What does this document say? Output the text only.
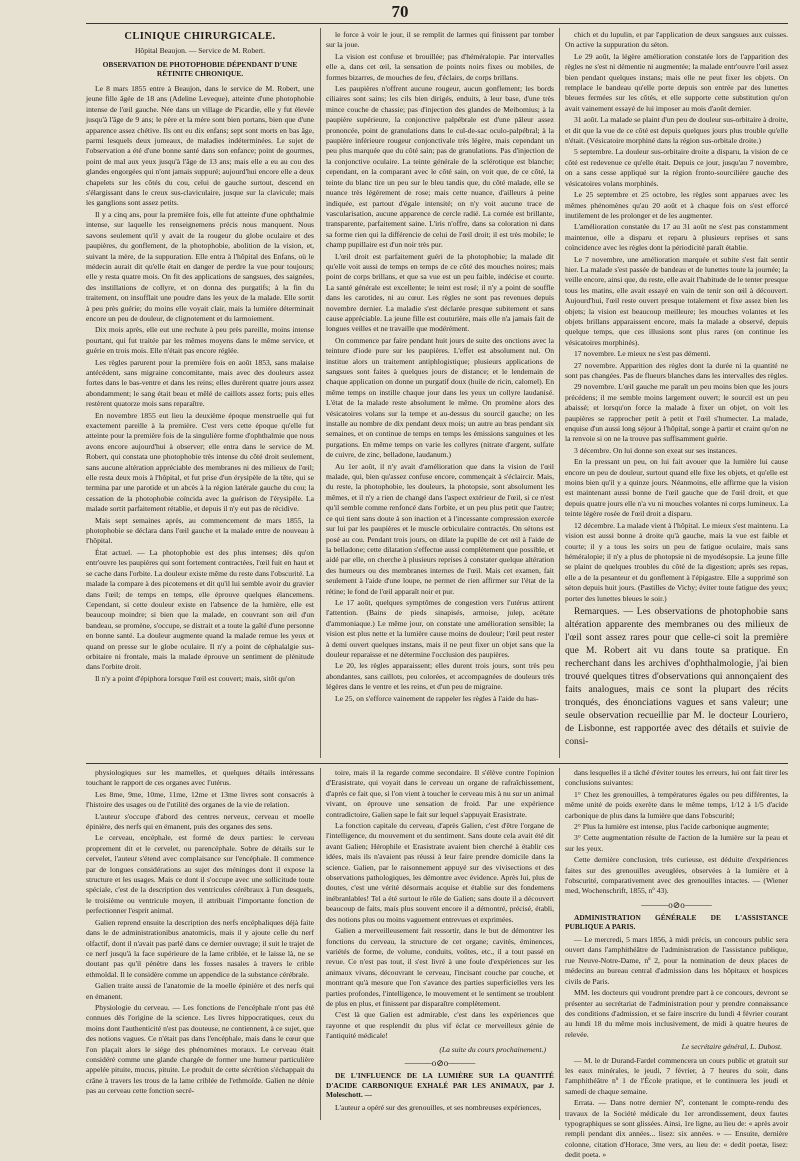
70
CLINIQUE CHIRURGICALE.
Hôpital Beaujon. — Service de M. Robert.
OBSERVATION DE PHOTOPHOBIE DÉPENDANT D'UNE RÉTINITE CHRONIQUE.

Le 8 mars 1855 entre à Beaujon, dans le service de M. Robert, une jeune fille âgée de 18 ans (Adeline Leveque), atteinte d'une photophobie intense de l'œil gauche. Née dans un village de Picardie, elle y fut élevée jusqu'à l'âge de 9 ans; le père et la mère sont bien portans, bien que d'une apparence assez chétive. Ils ont eu dix enfans; sept sont morts en bas âge, parmi lesquels deux jumeaux, de maladies indéterminées. Le sujet de l'observation a été d'une bonne santé dans son enfance; point de gourmes, point de mal aux yeux jusqu'à l'âge de 13 ans; mais elle a eu au cou des glandes engorgées qui n'ont jamais suppuré; aujourd'hui encore elle a deux chapelets sur les côtés du cou, celui de gauche surtout, descend en s'élargissant dans le creux sus-claviculaire, jusque sur la clavicule; mais les ganglions sont assez petits.

Il y a cinq ans, pour la première fois, elle fut atteinte d'une ophthalmie intense, sur laquelle les renseignemens précis nous manquent. Nous savons seulement qu'il y avait de la rougeur du globe oculaire et des paupières, du gonflement, de la photophobie, abolition de la vision, et, suivant la mère, de la suppuration. Elle entra à l'hôpital des Enfans, où le médecin aurait dit qu'elle était en danger de perdre la vue pour toujours; elle y resta quatre mois. On fit des applications de sangsues, des saignées, des instillations de collyre, et on donna des purgatifs; à la fin du traitement, on insufflait une poudre dans les yeux de la malade. Elle sortit à peu près guérie; du moins elle voyait clair, mais la lumière déterminait encore un peu de douleur, de clignotement et du larmoiement.

Dix mois après, elle eut une rechute à peu près pareille, moins intense pourtant, qui fut traitée par les mêmes moyens dans le même service, et guérie en trois mois. Elle n'était pas encore réglée.

Les règles parurent pour la première fois en août 1853, sans malaise antécédent, sans migraine concomitante, mais avec des douleurs assez fortes dans le bas-ventre et dans les reins; elles durèrent quatre jours assez abondamment; le sang était beau et mêlé de caillots assez forts; puis elles restèrent quatorze mois sans reparaître.

En novembre 1855 eut lieu la deuxième époque menstruelle qui fut exactement pareille à la première. C'est vers cette époque qu'elle fut atteinte pour la première fois de la singulière forme d'ophthalmie que nous avons encore aujourd'hui à observer; elle entra dans le service de M. Robert, qui constata une photophobie très intense du côté droit seulement, sans aucune altération appréciable des membranes ni des milieux de l'œil; elle resta deux mois à l'hôpital, et fut prise d'un érysipèle de la tête, qui se termina par une parotide et un abcès à la région latérale gauche du cou; la cessation de la photophobie coïncida avec la guérison de l'érysipèle. La malade sortit parfaitement rétablie, et depuis il n'y eut pas de récidive.

Mais sept semaines après, au commencement de mars 1855, la photophobie se déclara dans l'œil gauche et la malade entre de nouveau à l'hôpital.

État actuel. — La photophobie est des plus intenses; dès qu'on entr'ouvre les paupières qui sont fortement contractées, l'œil fuit en haut et se cache dans l'orbite. La douleur existe même du reste dans l'obscurité. La malade la compare à des picotemens et dit qu'il lui semble avoir du gravier dans l'œil; de temps en temps, elle éprouve quelques élancemens. Cependant, si cette douleur existe en l'absence de la lumière, elle est beaucoup moindre; si bien que la malade, en couvrant son œil d'un bandeau, se promène, s'occupe, se distrait et a toute la gaîté d'une personne en bonne santé. La douleur augmente quand la malade remue les yeux et quand on presse sur le globe oculaire. Il n'y a point de céphalalgie sus-orbitaire ni frontale, mais la malade éprouve un sentiment de plénitude dans l'orbite droit.

Il n'y a point d'épiphora lorsque l'œil est couvert; mais, sitôt qu'on

le force à voir le jour, il se remplit de larmes qui finissent par tomber sur la joue.

La vision est confuse et brouillée; pas d'héméralopie. Par intervalles elle a, dans cet œil, la sensation de points noirs fixes ou mobiles, de formes bizarres, de mouches de feu, d'éclairs, de corps brillans.

Les paupières n'offrent aucune rougeur, aucun gonflement; les bords ciliaires sont sains; les cils bien dirigés, enduits, à leur base, d'une très mince couche de chassie; pas d'injection des glandes de Meibomius; à la paupière supérieure, la conjonctive palpébrale est d'une pâleur assez prononcée, point de granulations dans le cul-de-sac oculo-palpébral; à la paupière inférieure rougeur conjonctivale très légère, mais cependant un peu plus marquée que du côté sain; pas de granulations. Pas d'injection de la conjonctive oculaire. La teinte générale de la sclérotique est blanche; cependant, en la comparant avec le côté sain, on voit que, de ce côté, la teinte du blanc tire un peu sur le bleu tandis que, du côté malade, elle se nuance très légèrement de rose; mais cette nuance, d'ailleurs à peine indiquée, est partout d'égale intensité; on n'y voit aucune trace de vascularisation, aucune apparence de cercle radié. La cornée est brillante, transparente, parfaitement saine. L'iris n'offre, dans sa coloration ni dans sa forme rien qui la différencie de celui de l'œil droit; il est très mobile; le champ pupillaire est d'un noir très pur.

L'œil droit est parfaitement guéri de la photophobie; la malade dit qu'elle voit aussi de temps en temps de ce côté des mouches noires; mais point de corps brillans, et que sa vue est un peu faible, indécise et courte. La santé générale est excellente; le teint est rosé; il n'y a point de souffle dans les carotides, ni au cœur. Les règles ne sont pas revenues depuis novembre dernier. La maladie s'est déclarée presque subitement et sans cause appréciable. La jeune fille est couturière, mais elle n'a jamais fait de longues veilles et ne travaille que modérément.

On commence par faire pendant huit jours de suite des onctions avec la teinture d'iode pure sur les paupières. L'effet est absolument nul. On institue alors un traitement antiphlogistique; plusieurs applications de sangsues sont faites à quelques jours de distance; et le lendemain de chaque application on donne un purgatif doux (huile de ricin, calomel). En même temps on instille chaque jour dans les yeux un collyre laudanisé. L'état de la malade reste absolument le même. On promène alors des vésicatoires volans sur la tempe et au-dessus du sourcil gauche; on les installe au nombre de dix pendant deux mois; un autre au bras pendant six semaines, et on continue de temps en temps les émissions sanguines et les purgations. En même temps on varie les collyres (nitrate d'argent, sulfate de cuivre, de zinc, belladone, laudanum.)

Au 1er août, il n'y avait d'amélioration que dans la vision de l'œil malade, qui, bien qu'assez confuse encore, commençait à s'éclaircir. Mais, du reste, la photophobie, les douleurs, la photopsie, sont absolument les mêmes, et il n'y a rien de changé dans l'aspect extérieur de l'œil, si ce n'est qu'il semble comme renfoncé dans l'orbite, et un peu plus petit que l'autre; ce qui tient sans doute à son inaction et à l'incessante compression exercée sur lui par les paupières et le muscle orbiculaire contractés. On sétons est posé au cou. Pendant trois jours, on dilate la pupille de cet œil à l'aide de la belladone; cette dilatation s'effectue aussi complètement que possible, et aidé par elle, on cherche à plusieurs reprises à constater quelque altération des humeurs ou des membranes internes de l'œil. Mais cet examen, fait seulement à l'aide d'une loupe, ne permet de rien affirmer sur l'état de la rétine; le fond de l'œil apparaît noir et pur.

Le 17 août, quelques symptômes de congestion vers l'utérus attirent l'attention. (Bains de pieds sinapisés, armoise, julep, acétate d'ammoniaque.) Le même jour, on constate une amélioration sensible; la vision est plus nette et la lumière cause moins de douleur; l'œil peut rester à demi ouvert quelques instans, mais il ne peut fixer un objet sans que la douleur reparaisse et ne détermine l'occlusion des paupières.

Le 20, les règles apparaissent; elles durent trois jours, sont très peu abondantes, sans caillots, peu colorées, et accompagnées de douleurs très légères dans le ventre et les reins, et d'un peu de migraine.

Le 25, on s'efforce vainement de rappeler les règles à l'aide du has-

chich et du lupulin, et par l'application de deux sangsues aux cuisses. On active la suppuration du séton.

Le 29 août, la légère amélioration constatée lors de l'apparition des règles ne s'est ni démentie ni augmentée; la malade entr'ouvre l'œil assez bien pendant quelques instans; mais elle ne peut fixer les objets. On remplace le bandeau qu'elle porte depuis son entrée par des lunettes bleues fermées sur les côtés, et elle supporte cette substitution qu'on avait vainement essayé de lui imposer au mois d'août dernier.

31 août. La malade se plaint d'un peu de douleur sus-orbitaire à droite, et dit que la vue de ce côté est depuis quelques jours plus trouble qu'elle n'était. (Vésicatoire morphiné dans la région sus-orbitale droite.)

5 septembre. La douleur sus-orbitaire droite a disparu, la vision de ce côté est redevenue ce qu'elle était. Depuis ce jour, jusqu'au 7 novembre, on a sans cesse appliqué sur la région fronto-sourcilière gauche des vésicatoires volans morphinés.

Le 25 septembre et 25 octobre, les règles sont apparues avec les mêmes phénomènes qu'au 20 août et à chaque fois on s'est efforcé inutilement de les prolonger et de les augmenter.

L'amélioration constatée du 17 au 31 août ne s'est pas constamment maintenue, elle a disparu et reparu à plusieurs reprises et sans coïncidence avec les règles dont la périodicité paraît établie.

Le 7 novembre, une amélioration marquée et subite s'est fait sentir hier. La malade s'est passée de bandeau et de lunettes toute la journée; la veille encore, ainsi que, du reste, elle avait l'habitude de le tenter presque tous les matins, elle avait essayé en vain de tenir son œil à découvert. Aujourd'hui, l'œil reste ouvert presque totalement et fixe assez bien les objets; la vision est beaucoup meilleure; les mouches volantes et les objets brillans apparaissent encore, mais la malade a observé, depuis quelque temps, que ces illusions sont plus rares (on continue les vésicatoires morphinés).

17 novembre. Le mieux ne s'est pas démenti.

27 novembre. Apparition des règles dont la durée ni la quantité ne sont pas changées. Pas de flueurs blanches dans les intervalles des règles.

29 novembre. L'œil gauche me paraît un peu moins bien que les jours précédens; il me semble moins largement ouvert; le sourcil est un peu abaissé; et lorsqu'on force la malade à fixer un objet, on voit les paupières se rapprocher petit à petit et l'œil s'humecter. La malade, enquise d'un aussi long séjour à l'hôpital, songe à partir et craint qu'on ne la renvoie si on ne la trouve pas suffisamment guérie.

3 décembre. On lui donne son exeat sur ses instances.

En la pressant un peu, on lui fait avouer que la lumière lui cause encore un peu de douleur, surtout quand elle fixe les objets, et qu'elle est moins bien qu'il y a quinze jours. Néanmoins, elle affirme que la vision est maintenant aussi bonne de l'œil gauche que de l'œil droit, et que depuis quatre jours elle n'a vu ni mouches volantes ni corps lumineux. La teinte légère rosée de l'œil droit a disparu.

12 décembre. La malade vient à l'hôpital. Le mieux s'est maintenu. La vision est aussi bonne à droite qu'à gauche, mais la vue est faible et courte; il y a tous les soirs un peu de fatigue oculaire, mais sans héméralopie; il n'y a plus de photopsie ni de myodésopsie. La jeune fille se plaint de quelques troubles du côté de la digestion; après ses repas, elle a de la pesanteur et du gonflement à l'épigastre. Elle a supprimé son séton depuis huit jours. (Pastilles de Vichy; éviter toute fatigue des yeux; porter des lunettes bleues le soir.)

Remarques. — Les observations de photophobie sans altération apparente des membranes ou des milieux de l'œil sont assez rares pour que celle-ci soit la première que M. Robert ait vu dans toute sa pratique. En recherchant dans les archives d'ophthalmologie, j'ai bien trouvé quelques titres d'observations qui annonçaient des faits analogues, mais ce sont la plupart des récits tronqués, des énonciations vagues et sans valeur; une seule observation recueillie par M. le docteur Louriero, de Lisbonne, est rapportée avec des détails et suivie de consi-

physiologiques sur les mamelles, et quelques détails intéressans touchant le rapport de ces organes avec l'utérus.

Les 8me, 9me, 10me, 11me, 12me et 13me livres sont consacrés à l'histoire des usages ou de l'utilité des organes de la vie de relation.

L'auteur s'occupe d'abord des centres nerveux, cerveau et moelle épinière, des nerfs qui en émanent, puis des organes des sens.

Le cerveau, encéphale, est formé de deux parties: le cerveau proprement dit et le cervelet, ou parencéphale. Sobre de détails sur le cervelet, l'auteur s'étend avec complaisance sur l'encéphale. Il commence par de longues considérations au sujet des méninges dont il expose la structure et les usages. Mais ce dont il s'occupe avec une sollicitude toute spéciale, c'est de la description des ventricules cérébraux à l'un desquels, le troisième ou ventricule moyen, il attribuait l'importante fonction de perfectionner l'esprit animal.

Galien reprend ensuite la description des nerfs encéphaliques déjà faite dans le de administrationibus anatomicis, mais il y ajoute celle du nerf olfactif, dont il n'avait pas parlé dans ce dernier ouvrage; il suit le trajet de ce nerf jusqu'à la face supérieure de la lame criblée, et le laisse là, ne se doutant pas qu'il pénètre dans les fosses nasales à travers le crible ethmoïdal. Il le considère comme un appendice de la substance cérébrale.

Galien traite aussi de l'anatomie de la moelle épinière et des nerfs qui en émanent.

Physiologie du cerveau. — Les fonctions de l'encéphale n'ont pas été connues dès l'origine de la science. Les livres hippocratiques, ceux du moins dont l'authenticité n'est pas douteuse, ne contiennent, à ce sujet, que des notions vagues. Ce n'était pas dans l'encéphale, mais dans le cœur que l'on plaçait alors le siége des phénomènes moraux. Le cerveau était considéré comme une glande chargée de former une humeur particulière appelée pituite, mucus, pituite. Le produit de cette sécrétion s'échappait du crâne à travers les trous de la lame criblée de l'ethmoïde. Galien ne dénie pas au cerveau cette fonction secré-

toire, mais il la regarde comme secondaire. Il s'élève contre l'opinion d'Erasistrate, qui voyait dans le cerveau un organe de rafraîchissement, d'après ce fait que, si l'on vient à toucher le cerveau mis à nu sur un animal vivant, on éprouve une sensation de froid. Par une expérience contradictoire, Galien sape le fait sur lequel s'appuyait Erasistrate.

La fonction capitale du cerveau, d'après Galien, c'est d'être l'organe de l'intelligence, du mouvement et du sentiment. Sans doute cela avait été dit avant Galien; Hérophile et Erasistrate avaient bien cherché à établir ces idées, mais ils n'avaient pas réussi à leur faire prendre domicile dans la science. Galien, par le raisonnement appuyé sur des vivisections et des observations pathologiques, les démontre avec évidence. Après lui, plus de doutes, c'est une vérité désormais acquise et établie sur des fondemens inébranlables! Tel a été surtout le rôle de Galien; sans doute il a découvert beaucoup de faits, mais plus souvent encore il a démontré, précisé, établi, des notions plus ou moins vaguement entrevues et exprimées.

Galien a merveilleusement fait ressortir, dans le but de démontrer les fonctions du cerveau, la structure de cet organe; cavités, éminences, variétés de forme, de volume, conduits, voûtes, etc., il a tout passé en revue. Ce n'est pas tout, il s'est livré à une foule d'expériences sur les animaux vivans, découvrant le cerveau, l'incisant couche par couche, et montrant qu'à mesure que l'on s'avance des parties superficielles vers les parties profondes, l'intelligence, le mouvement et le sentiment se troublent de plus en plus, et finissent par disparaître complètement.

C'est là que Galien est admirable, c'est dans les expériences que rayonne et que resplendit du plus vif éclat ce merveilleux génie de l'antiquité médicale!

(La suite du cours prochainement.)
———o⊘o———
DE L'INFLUENCE DE LA LUMIÈRE SUR LA QUANTITÉ D'ACIDE CARBONIQUE EXHALÉ PAR LES ANIMAUX, par J. Moleschott. —

L'auteur a opéré sur des grenouilles, et ses nombreuses expériences,

dans lesquelles il a tâché d'éviter toutes les erreurs, lui ont fait tirer les conclusions suivantes:

1° Chez les grenouilles, à températures égales ou peu différentes, la même unité de poids exerète dans le même temps, 1/12 à 1/5 d'acide carbonique de plus dans la lumière que dans l'obscurité;

2° Plus la lumière est intense, plus l'acide carbonique augmente;

3° Cette augmentation résulte de l'action de la lumière sur la peau et sur les yeux.

Cette dernière conclusion, très curieuse, est déduite d'expériences faites sur des grenouilles aveuglées, observées à la lumière et à l'obscurité, comparativement avec des grenouilles intactes. — (Wiener med, Wochenschrift, 1855, nº 43).

———o⊘o———
ADMINISTRATION GÉNÉRALE DE L'ASSISTANCE PUBLIQUE A PARIS.

— Le mercredi, 5 mars 1856, à midi précis, un concours public sera ouvert dans l'amphithéâtre de l'administration de l'assistance publique, rue Neuve-Notre-Dame, nº 2, pour la nomination de deux places de médecins au bureau central d'admission dans les hôpitaux et hospices civils de Paris.

MM. les docteurs qui voudront prendre part à ce concours, devront se présenter au secrétariat de l'administration pour y prendre connaissance des conditions d'admission, et se faire inscrire du lundi 4 février courant au lundi 18 du même mois inclusivement, de midi à quatre heures de relevée.

Le secrétaire général, L. Dubost.

— M. le dr Durand-Fardel commencera un cours public et gratuit sur les eaux minérales, le jeudi, 7 février, à 7 heures du soir, dans l'amphithéâtre nº 1 de l'École pratique, et le continuera les jeudi et samedi de chaque semaine.

Errata. — Dans notre dernier Nº, contenant le compte-rendu des travaux de la Société médicale du 1er arrondissement, deux fautes typographiques se sont glissées. Ainsi, 1re ligne, au lieu de: « après avoir rempli pendant dix années... lisez: six années. » — Ensuite, dernière colonne, citation d'Horace, 3me vers, au lieu de: « dedit poetæ, lisez: dedit poeta. »
